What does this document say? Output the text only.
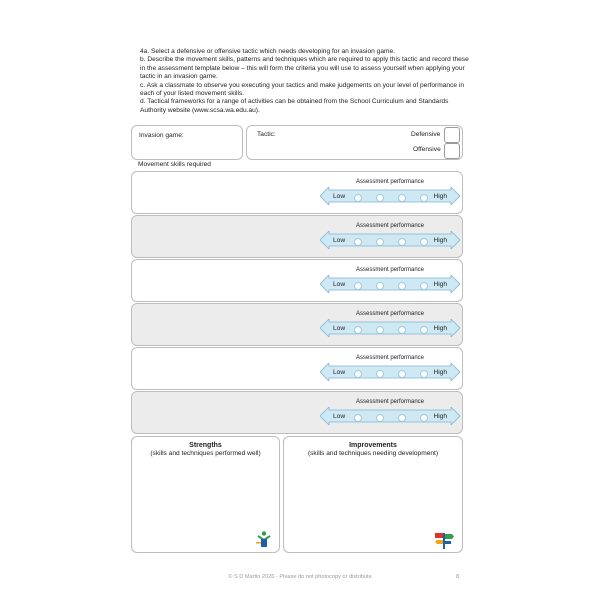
4a. Select a defensive or offensive tactic which needs developing for an invasion game.

b. Describe the movement skills, patterns and techniques which are required to apply this tactic and record these in the assessment template below – this will form the criteria you will use to assess yourself when applying your tactic in an invasion game.

c. Ask a classmate to observe you executing your tactics and make judgements on your level of performance in each of your listed movement skills.

d. Tactical frameworks for a range of activities can be obtained from the School Curriculum and Standards Authority website (www.scsa.wa.edu.au).

Invasion game:	Tactic:	Defensive
Offensive
Movement skills required
Assessment performance
Low	High
Assessment performance
Low	High
Assessment performance
Low	High
Assessment performance
Low	High
Assessment performance
Low	High
Assessment performance
Low	High
Strengths
(skills and techniques performed well)
Improvements
(skills and techniques needing development)
© S D Martin 2026 - Please do not photocopy or distribute	8
